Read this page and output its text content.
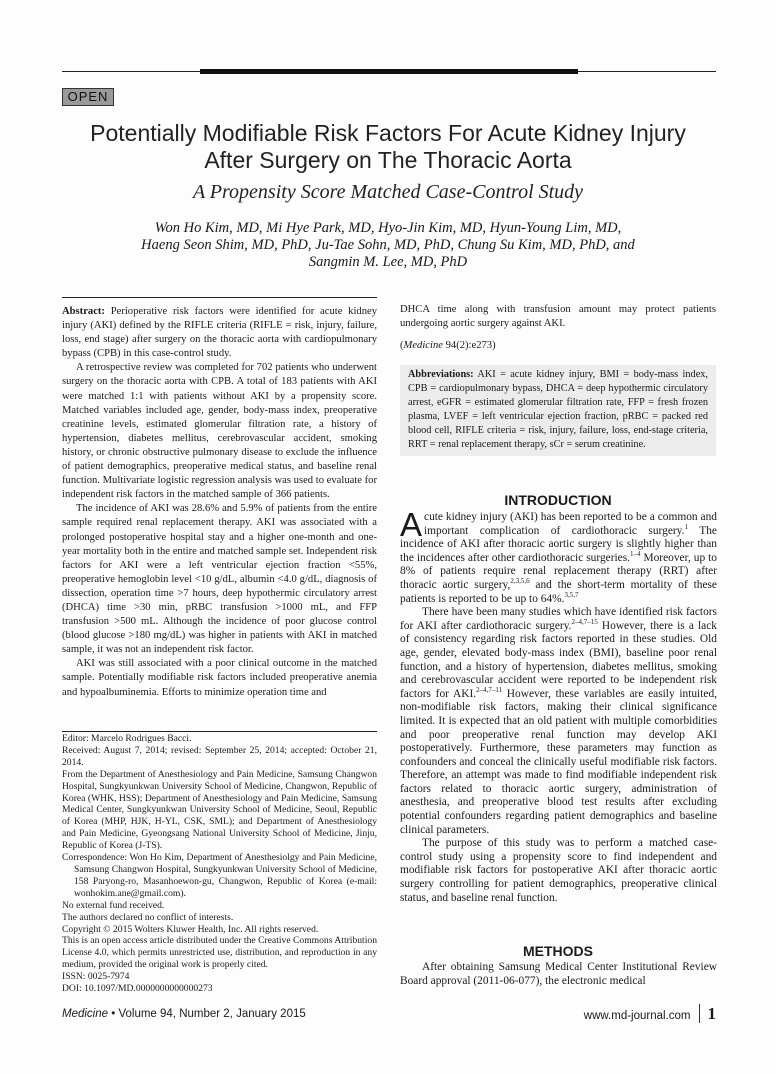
OPEN
Potentially Modifiable Risk Factors For Acute Kidney Injury
After Surgery on The Thoracic Aorta
A Propensity Score Matched Case-Control Study
Won Ho Kim, MD, Mi Hye Park, MD, Hyo-Jin Kim, MD, Hyun-Young Lim, MD,
Haeng Seon Shim, MD, PhD, Ju-Tae Sohn, MD, PhD, Chung Su Kim, MD, PhD, and
Sangmin M. Lee, MD, PhD

Abstract: Perioperative risk factors were identified for acute kidney injury (AKI) defined by the RIFLE criteria (RIFLE = risk, injury, failure, loss, end stage) after surgery on the thoracic aorta with cardiopulmonary bypass (CPB) in this case-control study.

A retrospective review was completed for 702 patients who underwent surgery on the thoracic aorta with CPB. A total of 183 patients with AKI were matched 1:1 with patients without AKI by a propensity score. Matched variables included age, gender, body-mass index, preoperative creatinine levels, estimated glomerular filtration rate, a history of hypertension, diabetes mellitus, cerebrovascular accident, smoking history, or chronic obstructive pulmonary disease to exclude the influence of patient demographics, preoperative medical status, and baseline renal function. Multivariate logistic regression analysis was used to evaluate for independent risk factors in the matched sample of 366 patients.

The incidence of AKI was 28.6% and 5.9% of patients from the entire sample required renal replacement therapy. AKI was associated with a prolonged postoperative hospital stay and a higher one-month and one-year mortality both in the entire and matched sample set. Independent risk factors for AKI were a left ventricular ejection fraction <55%, preoperative hemoglobin level <10 g/dL, albumin <4.0 g/dL, diagnosis of dissection, operation time >7 hours, deep hypothermic circulatory arrest (DHCA) time >30 min, pRBC transfusion >1000 mL, and FFP transfusion >500 mL. Although the incidence of poor glucose control (blood glucose >180 mg/dL) was higher in patients with AKI in matched sample, it was not an independent risk factor.

AKI was still associated with a poor clinical outcome in the matched sample. Potentially modifiable risk factors included preoperative anemia and hypoalbuminemia. Efforts to minimize operation time and

Editor: Marcelo Rodrigues Bacci.

Received: August 7, 2014; revised: September 25, 2014; accepted: October 21, 2014.

From the Department of Anesthesiology and Pain Medicine, Samsung Changwon Hospital, Sungkyunkwan University School of Medicine, Changwon, Republic of Korea (WHK, HSS); Department of Anesthesiology and Pain Medicine, Samsung Medical Center, Sungkyunkwan University School of Medicine, Seoul, Republic of Korea (MHP, HJK, H-YL, CSK, SML); and Department of Anesthesiology and Pain Medicine, Gyeongsang National University School of Medicine, Jinju, Republic of Korea (J-TS).

Correspondence: Won Ho Kim, Department of Anesthesiolgy and Pain Medicine, Samsung Changwon Hospital, Sungkyunkwan University School of Medicine, 158 Paryong-ro, Masanhoewon-gu, Changwon, Republic of Korea (e-mail: wonhokim.ane@gmail.com).

No external fund received.

The authors declared no conflict of interests.

Copyright © 2015 Wolters Kluwer Health, Inc. All rights reserved.

This is an open access article distributed under the Creative Commons Attribution License 4.0, which permits unrestricted use, distribution, and reproduction in any medium, provided the original work is properly cited.

ISSN: 0025-7974

DOI: 10.1097/MD.0000000000000273

DHCA time along with transfusion amount may protect patients undergoing aortic surgery against AKI.

(Medicine 94(2):e273)

Abbreviations: AKI = acute kidney injury, BMI = body-mass index, CPB = cardiopulmonary bypass, DHCA = deep hypothermic circulatory arrest, eGFR = estimated glomerular filtration rate, FFP = fresh frozen plasma, LVEF = left ventricular ejection fraction, pRBC = packed red blood cell, RIFLE criteria = risk, injury, failure, loss, end-stage criteria, RRT = renal replacement therapy, sCr = serum creatinine.
INTRODUCTION

Acute kidney injury (AKI) has been reported to be a common and important complication of cardiothoracic surgery.$^1$ The incidence of AKI after thoracic aortic surgery is slightly higher than the incidences after other cardiothoracic surgeries.$^{1-4}$ Moreover, up to 8% of patients require renal replacement therapy (RRT) after thoracic aortic surgery,$^{2,3,5,6}$ and the short-term mortality of these patients is reported to be up to 64%.$^{3,5,7}$

There have been many studies which have identified risk factors for AKI after cardiothoracic surgery.$^{2-4,7-15}$ However, there is a lack of consistency regarding risk factors reported in these studies. Old age, gender, elevated body-mass index (BMI), baseline poor renal function, and a history of hypertension, diabetes mellitus, smoking and cerebrovascular accident were reported to be independent risk factors for AKI.$^{2-4,7-11}$ However, these variables are easily intuited, non-modifiable risk factors, making their clinical significance limited. It is expected that an old patient with multiple comorbidities and poor preoperative renal function may develop AKI postoperatively. Furthermore, these parameters may function as confounders and conceal the clinically useful modifiable risk factors. Therefore, an attempt was made to find modifiable independent risk factors related to thoracic aortic surgery, administration of anesthesia, and preoperative blood test results after excluding potential confounders regarding patient demographics and baseline clinical parameters.

The purpose of this study was to perform a matched case-control study using a propensity score to find independent and modifiable risk factors for postoperative AKI after thoracic aortic surgery controlling for patient demographics, preoperative clinical status, and baseline renal function.

METHODS

After obtaining Samsung Medical Center Institutional Review Board approval (2011-06-077), the electronic medical

Medicine • Volume 94, Number 2, January 2015	www.md-journal.com 1
